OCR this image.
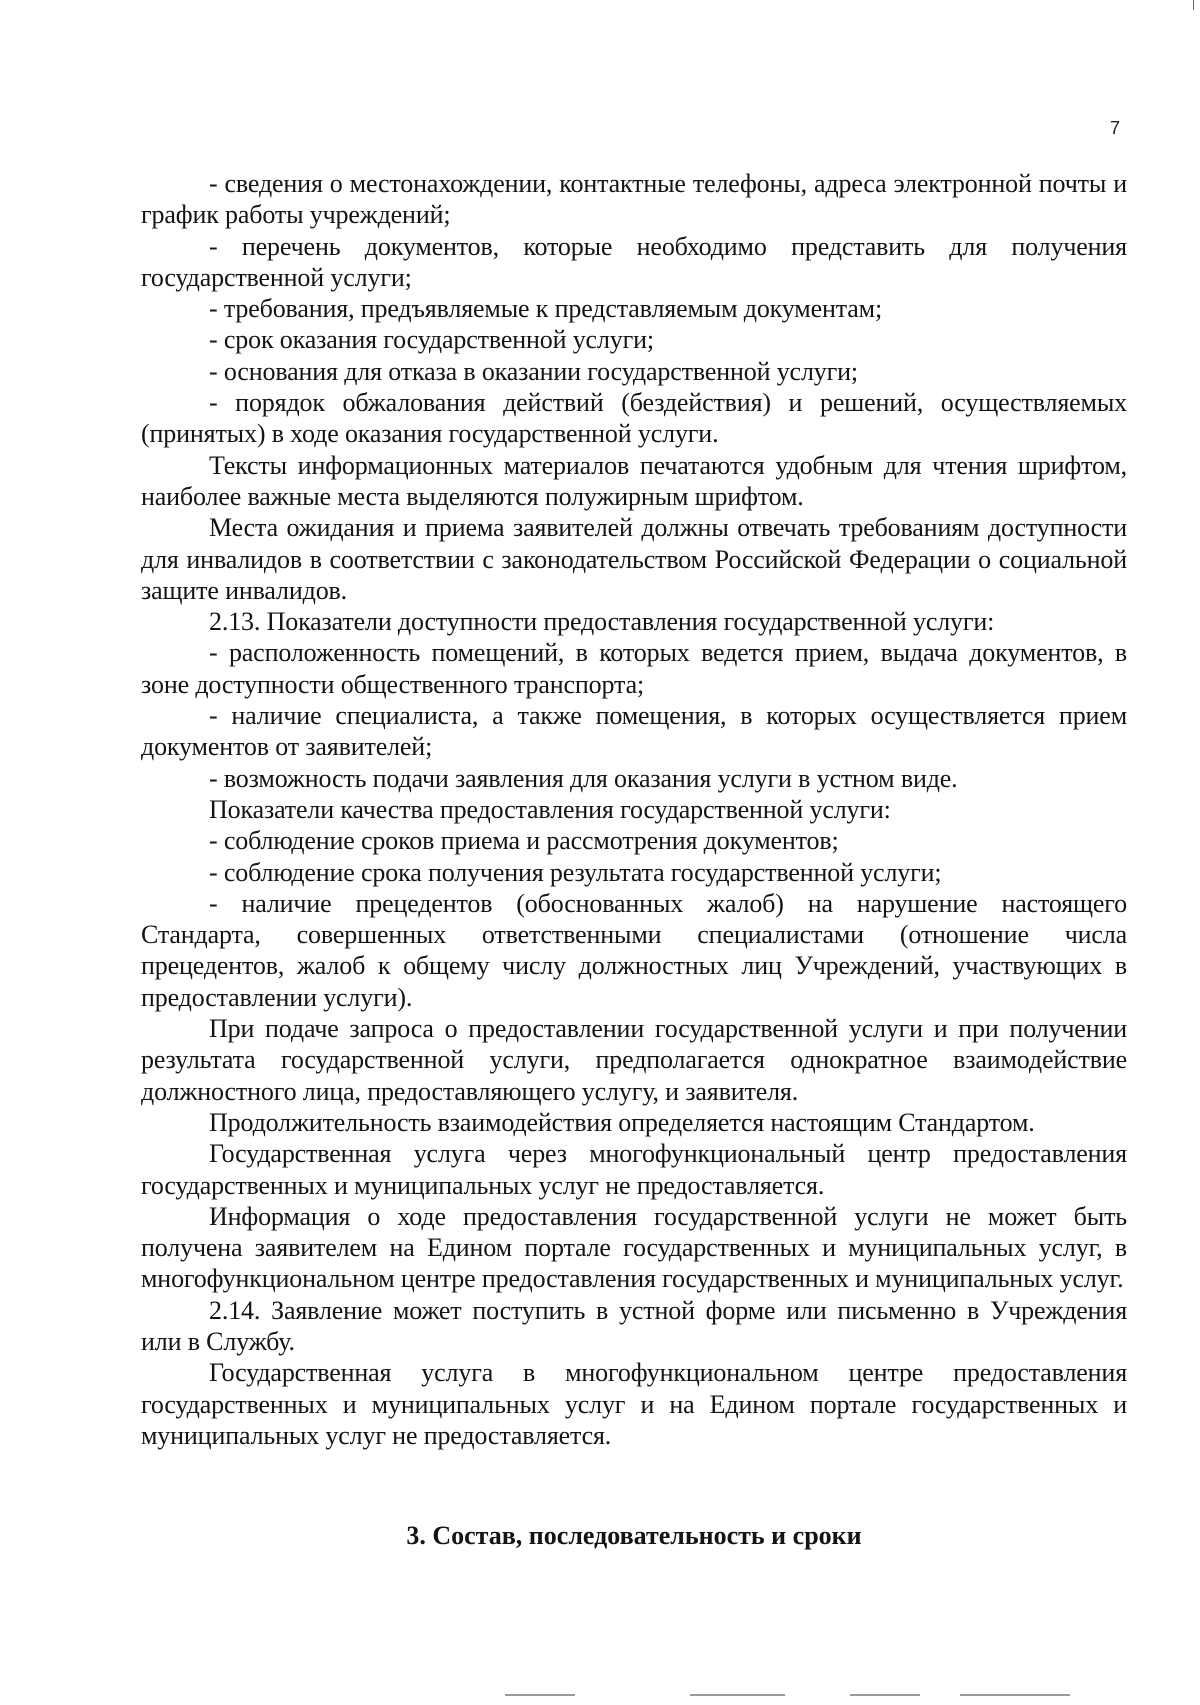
7

- сведения о местонахождении, контактные телефоны, адреса электронной почты и график работы учреждений;

- перечень документов, которые необходимо представить для получения государственной услуги;

- требования, предъявляемые к представляемым документам;

- срок оказания государственной услуги;

- основания для отказа в оказании государственной услуги;

- порядок обжалования действий (бездействия) и решений, осуществляемых (принятых) в ходе оказания государственной услуги.

Тексты информационных материалов печатаются удобным для чтения шрифтом, наиболее важные места выделяются полужирным шрифтом.

Места ожидания и приема заявителей должны отвечать требованиям доступности для инвалидов в соответствии с законодательством Российской Федерации о социальной защите инвалидов.

2.13. Показатели доступности предоставления государственной услуги:

- расположенность помещений, в которых ведется прием, выдача документов, в зоне доступности общественного транспорта;

- наличие специалиста, а также помещения, в которых осуществляется прием документов от заявителей;

- возможность подачи заявления для оказания услуги в устном виде.

Показатели качества предоставления государственной услуги:

- соблюдение сроков приема и рассмотрения документов;

- соблюдение срока получения результата государственной услуги;

- наличие прецедентов (обоснованных жалоб) на нарушение настоящего Стандарта, совершенных ответственными специалистами (отношение числа прецедентов, жалоб к общему числу должностных лиц Учреждений, участвующих в предоставлении услуги).

При подаче запроса о предоставлении государственной услуги и при получении результата государственной услуги, предполагается однократное взаимодействие должностного лица, предоставляющего услугу, и заявителя.

Продолжительность взаимодействия определяется настоящим Стандартом.

Государственная услуга через многофункциональный центр предоставления государственных и муниципальных услуг не предоставляется.

Информация о ходе предоставления государственной услуги не может быть получена заявителем на Едином портале государственных и муниципальных услуг, в многофункциональном центре предоставления государственных и муниципальных услуг.

2.14. Заявление может поступить в устной форме или письменно в Учреждения или в Службу.

Государственная услуга в многофункциональном центре предоставления государственных и муниципальных услуг и на Едином портале государственных и муниципальных услуг не предоставляется.

3. Состав, последовательность и сроки
